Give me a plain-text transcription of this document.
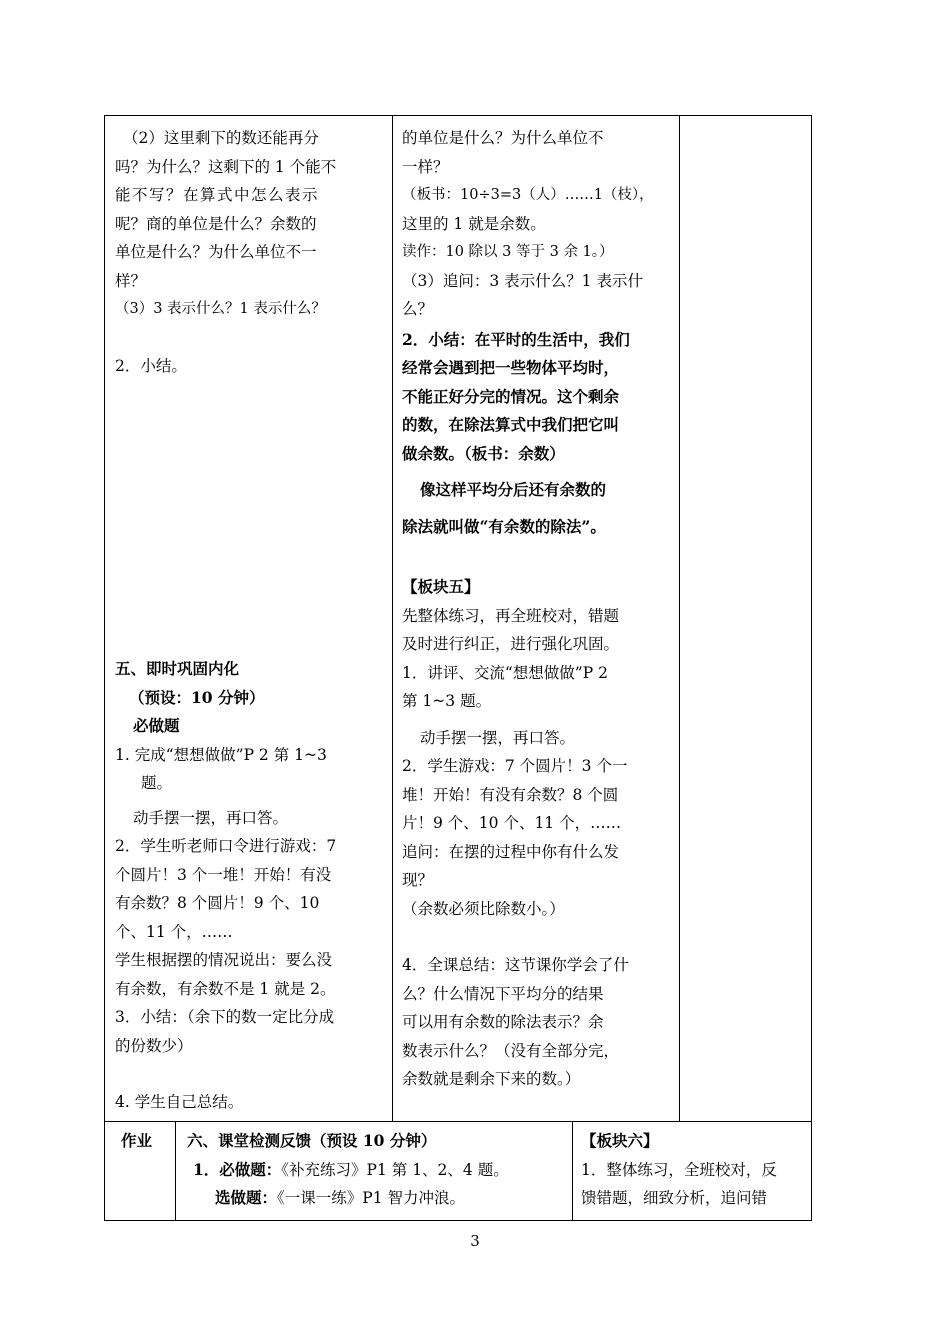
（2）这里剩下的数还能再分

吗？为什么？这剩下的 1 个能不

能不写？在算式中怎么表示

呢？商的单位是什么？余数的

单位是什么？为什么单位不一

样？

（3）3 表示什么？1 表示什么？

2．小结。

五、即时巩固内化

（预设：10 分钟）

必做题

1. 完成“想想做做”P 2 第 1~3

题。

动手摆一摆，再口答。

2．学生听老师口令进行游戏：7

个圆片！3 个一堆！开始！有没

有余数？8 个圆片！9 个、10

个、11 个，……

学生根据摆的情况说出：要么没

有余数，有余数不是 1 就是 2。

3．小结：（余下的数一定比分成

的份数少）

4. 学生自己总结。

的单位是什么？为什么单位不

一样？

（板书：10÷3=3（人）……1（枝），

这里的 1 就是余数。

读作：10 除以 3 等于 3 余 1。）

（3）追问：3 表示什么？1 表示什

么？

2．小结：在平时的生活中，我们

经常会遇到把一些物体平均时，

不能正好分完的情况。这个剩余

的数，在除法算式中我们把它叫

做余数。（板书：余数）

像这样平均分后还有余数的

除法就叫做“有余数的除法”。

【板块五】

先整体练习，再全班校对，错题

及时进行纠正，进行强化巩固。

1．讲评、交流“想想做做”P 2

第 1~3 题。

动手摆一摆，再口答。

2．学生游戏：7 个圆片！3 个一

堆！开始！有没有余数？8 个圆

片！9 个、10 个、11 个，……

追问：在摆的过程中你有什么发

现？

（余数必须比除数小。）

4．全课总结：这节课你学会了什

么？什么情况下平均分的结果

可以用有余数的除法表示？余

数表示什么？（没有全部分完，

余数就是剩余下来的数。）

作业	六、课堂检测反馈（预设 10 分钟）

1．必做题：《补充练习》P1 第 1、2、4 题。

选做题：《一课一练》P1 智力冲浪。

【板块六】

1．整体练习，全班校对，反

馈错题，细致分析，追问错

3
